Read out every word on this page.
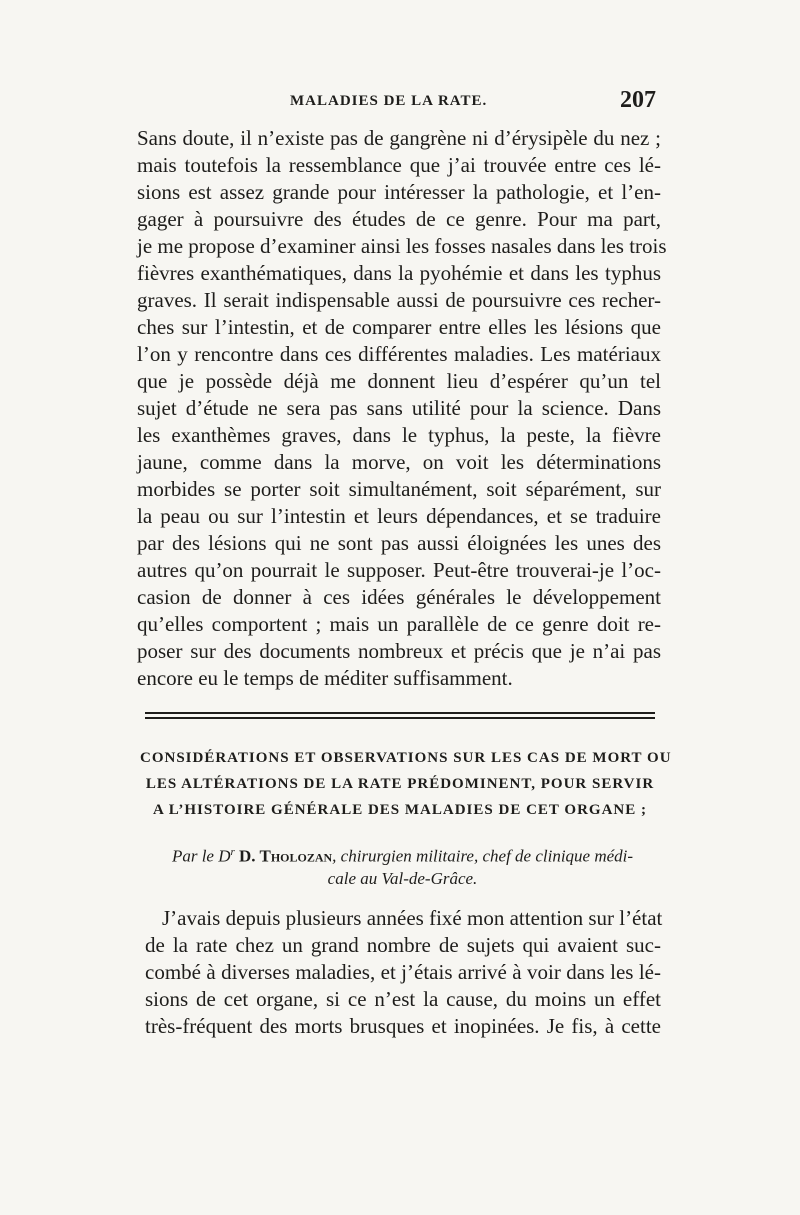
MALADIES DE LA RATE.	207
Sans doute, il n’existe pas de gangrène ni d’érysipèle du nez ;
mais toutefois la ressemblance que j’ai trouvée entre ces lé-
sions est assez grande pour intéresser la pathologie, et l’en-
gager à poursuivre des études de ce genre. Pour ma part,
je me propose d’examiner ainsi les fosses nasales dans les trois
fièvres exanthématiques, dans la pyohémie et dans les typhus
graves. Il serait indispensable aussi de poursuivre ces recher-
ches sur l’intestin, et de comparer entre elles les lésions que
l’on y rencontre dans ces différentes maladies. Les matériaux
que je possède déjà me donnent lieu d’espérer qu’un tel
sujet d’étude ne sera pas sans utilité pour la science. Dans
les exanthèmes graves, dans le typhus, la peste, la fièvre
jaune, comme dans la morve, on voit les déterminations
morbides se porter soit simultanément, soit séparément, sur
la peau ou sur l’intestin et leurs dépendances, et se traduire
par des lésions qui ne sont pas aussi éloignées les unes des
autres qu’on pourrait le supposer. Peut-être trouverai-je l’oc-
casion de donner à ces idées générales le développement
qu’elles comportent ; mais un parallèle de ce genre doit re-
poser sur des documents nombreux et précis que je n’ai pas
encore eu le temps de méditer suffisamment.
CONSIDÉRATIONS ET OBSERVATIONS SUR LES CAS DE MORT OU
LES ALTÉRATIONS DE LA RATE PRÉDOMINENT, POUR SERVIR
A L’HISTOIRE GÉNÉRALE DES MALADIES DE CET ORGANE ;
Par le $D^r$ D. Tholozan, chirurgien militaire, chef de clinique médi-
cale au Val-de-Grâce.
J’avais depuis plusieurs années fixé mon attention sur l’état
de la rate chez un grand nombre de sujets qui avaient suc-
combé à diverses maladies, et j’étais arrivé à voir dans les lé-
sions de cet organe, si ce n’est la cause, du moins un effet
très-fréquent des morts brusques et inopinées. Je fis, à cette
